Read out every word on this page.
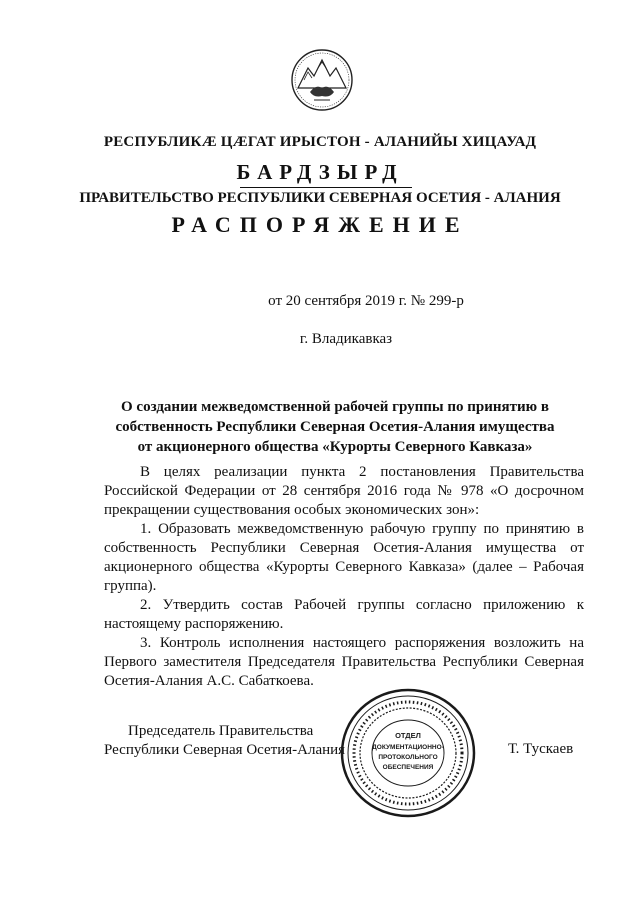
РЕСПУБЛИКӔ ЦӔГАТ ИРЫСТОН - АЛАНИЙЫ ХИЦАУАД
БАРДЗЫРД
ПРАВИТЕЛЬСТВО РЕСПУБЛИКИ СЕВЕРНАЯ ОСЕТИЯ - АЛАНИЯ
РАСПОРЯЖЕНИЕ
от 20 сентября 2019 г. № 299-р
г. Владикавказ
О создании межведомственной рабочей группы по принятию в
собственность Республики Северная Осетия-Алания имущества
от акционерного общества «Курорты Северного Кавказа»

В целях реализации пункта 2 постановления Правительства Российской Федерации от 28 сентября 2016 года № 978 «О досрочном прекращении существования особых экономических зон»:

1. Образовать межведомственную рабочую группу по принятию в собственность Республики Северная Осетия-Алания имущества от акционерного общества «Курорты Северного Кавказа» (далее – Рабочая группа).

2. Утвердить состав Рабочей группы согласно приложению к настоящему распоряжению.

3. Контроль исполнения настоящего распоряжения возложить на Первого заместителя Председателя Правительства Республики Северная Осетия-Алания А.С. Сабаткоева.

Председатель Правительства
Республики Северная Осетия-Алания
ОТДЕЛ
ДОКУМЕНТАЦИОННО-
ПРОТОКОЛЬНОГО
ОБЕСПЕЧЕНИЯ
Т. Тускаев
